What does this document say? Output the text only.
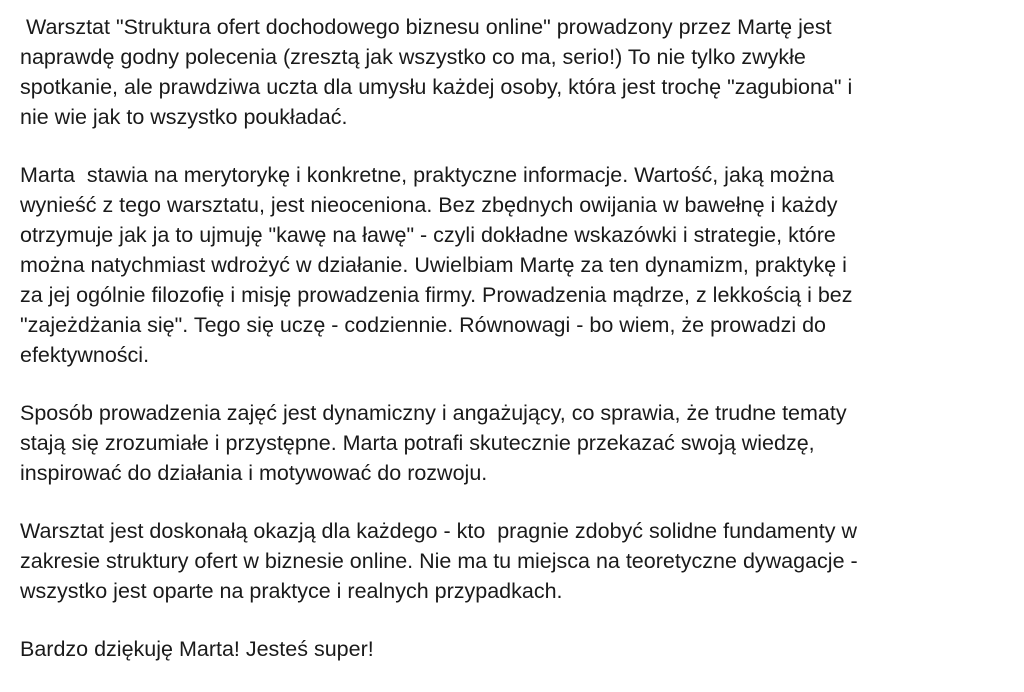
Warsztat "Struktura ofert dochodowego biznesu online" prowadzony przez Martę jest
naprawdę godny polecenia (zresztą jak wszystko co ma, serio!) To nie tylko zwykłe
spotkanie, ale prawdziwa uczta dla umysłu każdej osoby, która jest trochę "zagubiona" i
nie wie jak to wszystko poukładać.

Marta  stawia na merytorykę i konkretne, praktyczne informacje. Wartość, jaką można
wynieść z tego warsztatu, jest nieoceniona. Bez zbędnych owijania w bawełnę i każdy
otrzymuje jak ja to ujmuję "kawę na ławę" - czyli dokładne wskazówki i strategie, które
można natychmiast wdrożyć w działanie. Uwielbiam Martę za ten dynamizm, praktykę i
za jej ogólnie filozofię i misję prowadzenia firmy. Prowadzenia mądrze, z lekkością i bez
"zajeżdżania się". Tego się uczę - codziennie. Równowagi - bo wiem, że prowadzi do
efektywności.

Sposób prowadzenia zajęć jest dynamiczny i angażujący, co sprawia, że trudne tematy
stają się zrozumiałe i przystępne. Marta potrafi skutecznie przekazać swoją wiedzę,
inspirować do działania i motywować do rozwoju.

Warsztat jest doskonałą okazją dla każdego - kto  pragnie zdobyć solidne fundamenty w
zakresie struktury ofert w biznesie online. Nie ma tu miejsca na teoretyczne dywagacje -
wszystko jest oparte na praktyce i realnych przypadkach.

Bardzo dziękuję Marta! Jesteś super!
